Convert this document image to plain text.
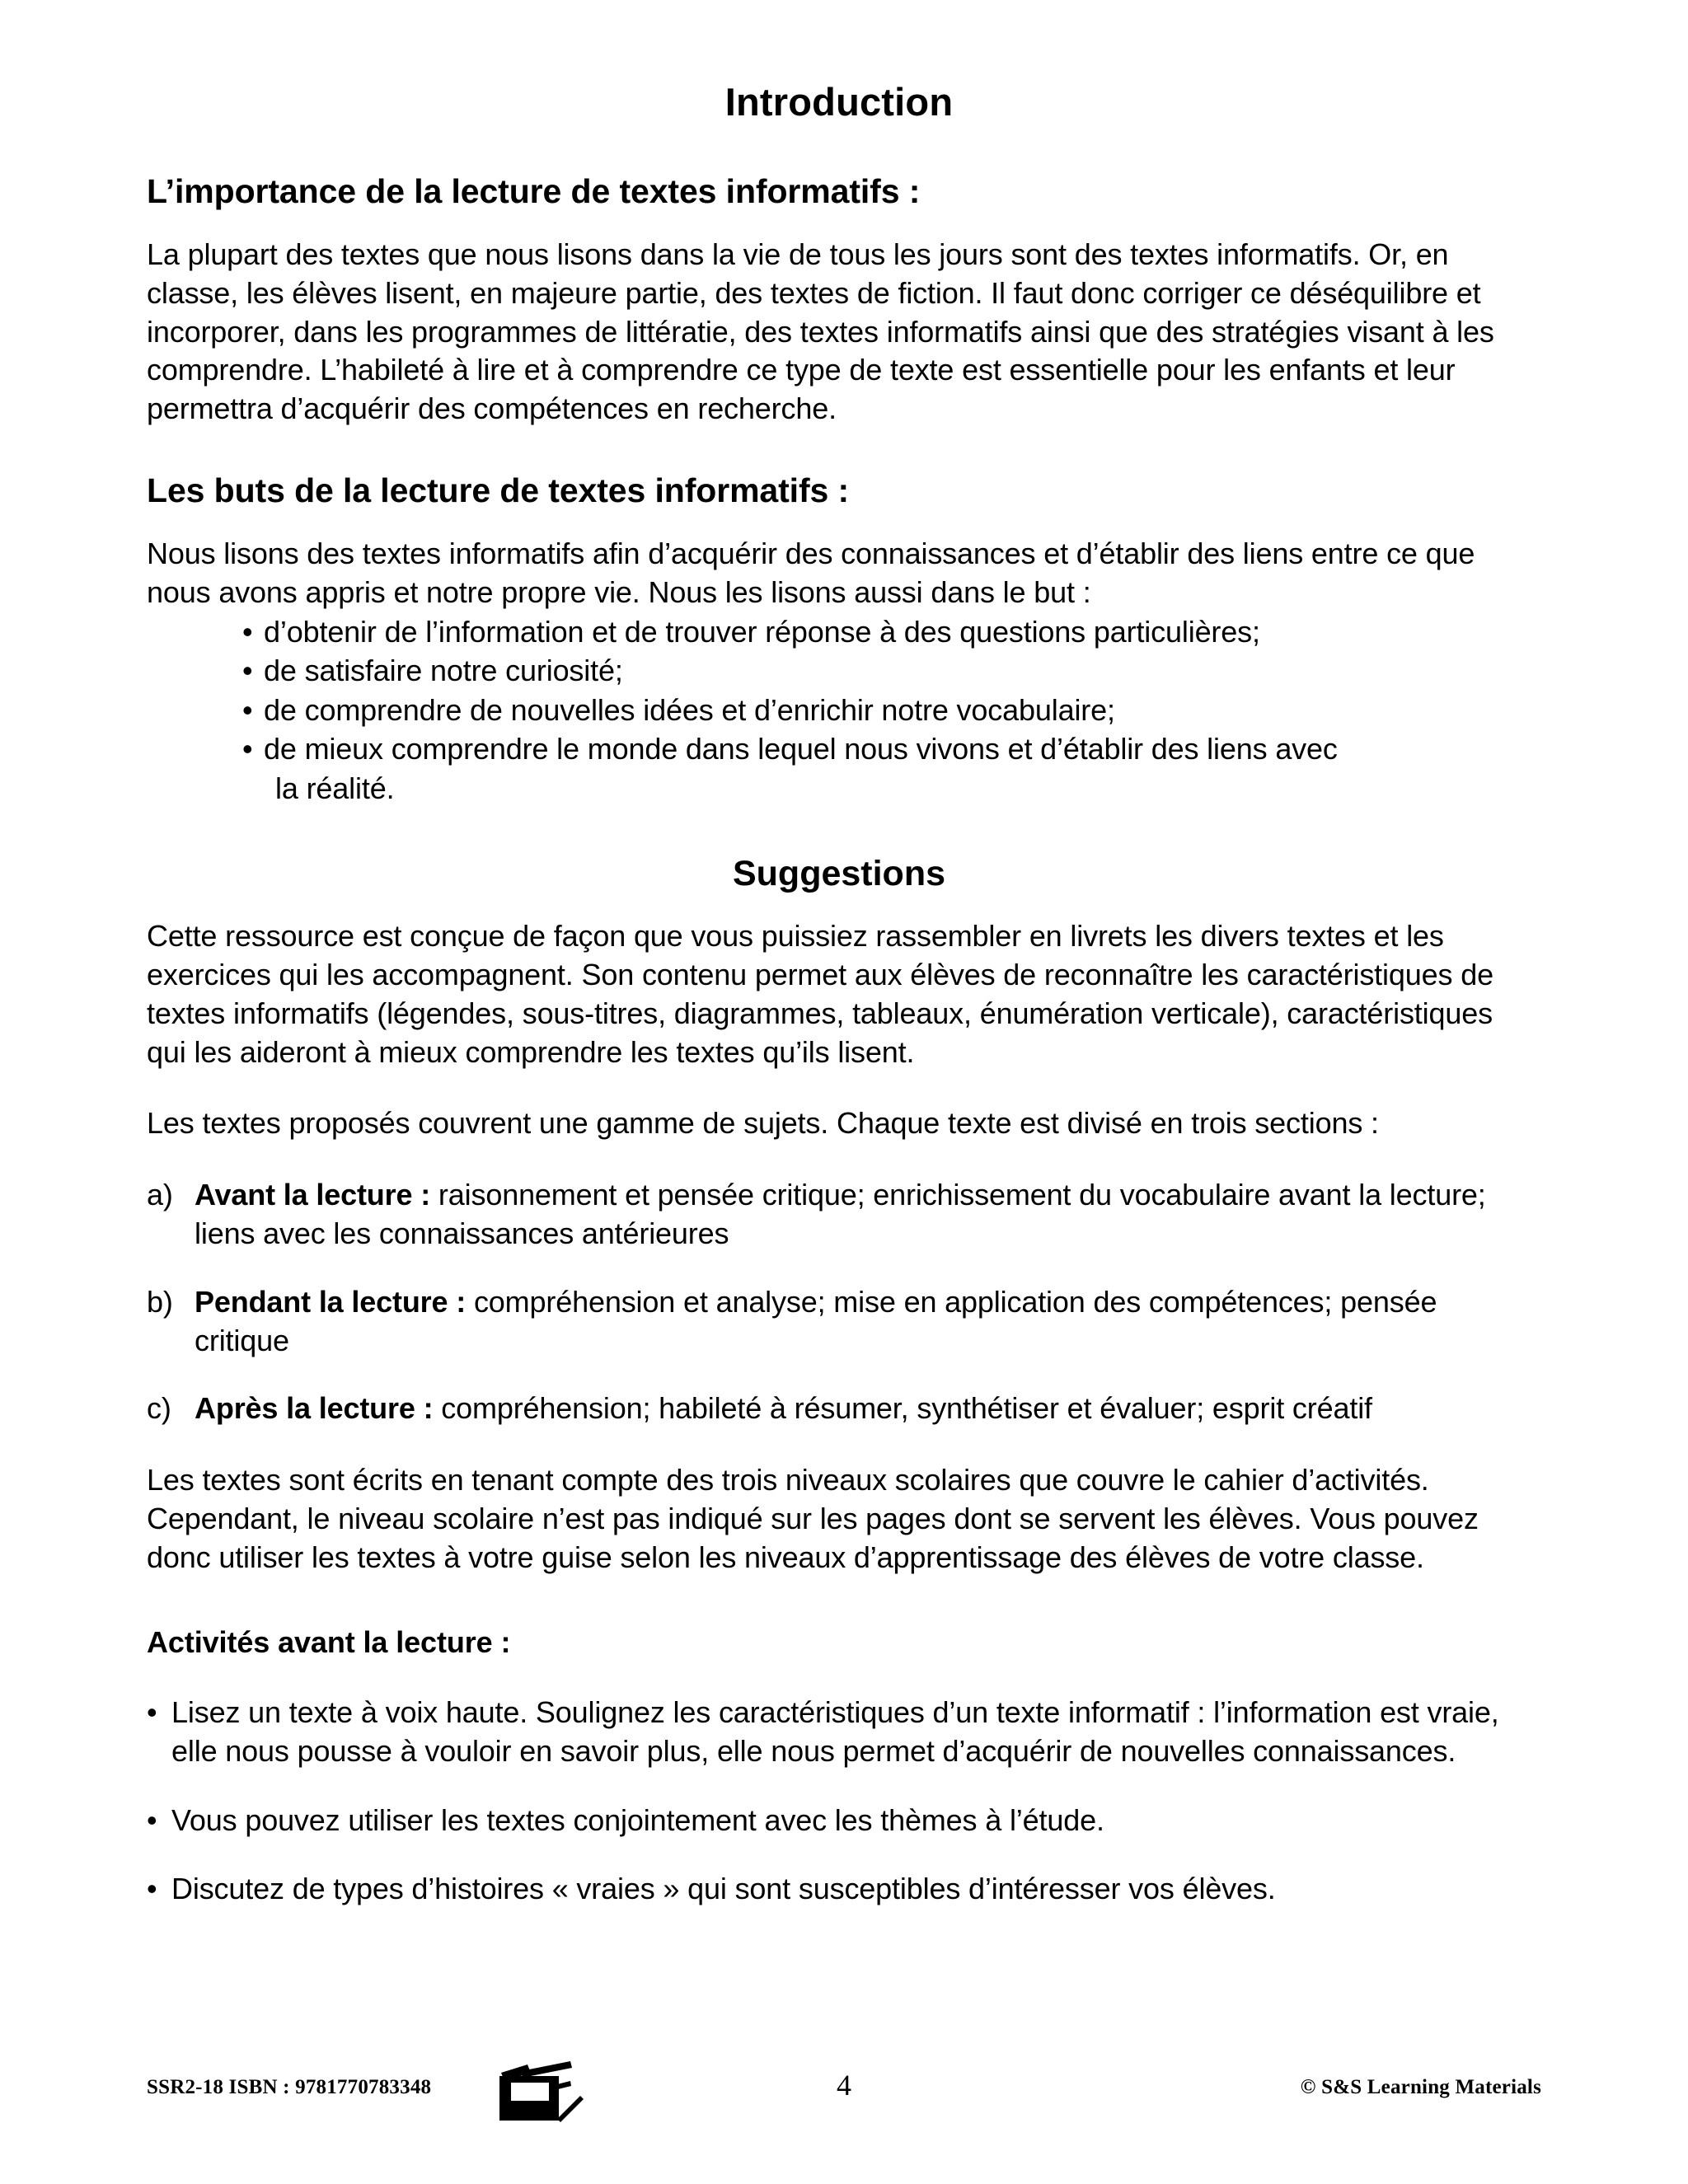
Introduction
L’importance de la lecture de textes informatifs :

La plupart des textes que nous lisons dans la vie de tous les jours sont des textes informatifs. Or, en classe, les élèves lisent, en majeure partie, des textes de fiction. Il faut donc corriger ce déséquilibre et incorporer, dans les programmes de littératie, des textes informatifs ainsi que des stratégies visant à les comprendre. L’habileté à lire et à comprendre ce type de texte est essentielle pour les enfants et leur permettra d’acquérir des compétences en recherche.

Les buts de la lecture de textes informatifs :

Nous lisons des textes informatifs afin d’acquérir des connaissances et d’établir des liens entre ce que nous avons appris et notre propre vie. Nous les lisons aussi dans le but :

• d’obtenir de l’information et de trouver réponse à des questions particulières;
• de satisfaire notre curiosité;
• de comprendre de nouvelles idées et d’enrichir notre vocabulaire;
• de mieux comprendre le monde dans lequel nous vivons et d’établir des liens avec
la réalité.
Suggestions

Cette ressource est conçue de façon que vous puissiez rassembler en livrets les divers textes et les exercices qui les accompagnent. Son contenu permet aux élèves de reconnaître les caractéristiques de textes informatifs (légendes, sous-titres, diagrammes, tableaux, énumération verticale), caractéristiques qui les aideront à mieux comprendre les textes qu’ils lisent.

Les textes proposés couvrent une gamme de sujets. Chaque texte est divisé en trois sections :

a) Avant la lecture : raisonnement et pensée critique; enrichissement du vocabulaire avant la lecture; liens avec les connaissances antérieures
b) Pendant la lecture : compréhension et analyse; mise en application des compétences; pensée critique
c) Après la lecture : compréhension; habileté à résumer, synthétiser et évaluer; esprit créatif

Les textes sont écrits en tenant compte des trois niveaux scolaires que couvre le cahier d’activités. Cependant, le niveau scolaire n’est pas indiqué sur les pages dont se servent les élèves. Vous pouvez donc utiliser les textes à votre guise selon les niveaux d’apprentissage des élèves de votre classe.

Activités avant la lecture :
• Lisez un texte à voix haute. Soulignez les caractéristiques d’un texte informatif : l’information est vraie, elle nous pousse à vouloir en savoir plus, elle nous permet d’acquérir de nouvelles connaissances.
• Vous pouvez utiliser les textes conjointement avec les thèmes à l’étude.
• Discutez de types d’histoires « vraies » qui sont susceptibles d’intéresser vos élèves.
SSR2-18 ISBN : 9781770783348	4	© S&S Learning Materials
